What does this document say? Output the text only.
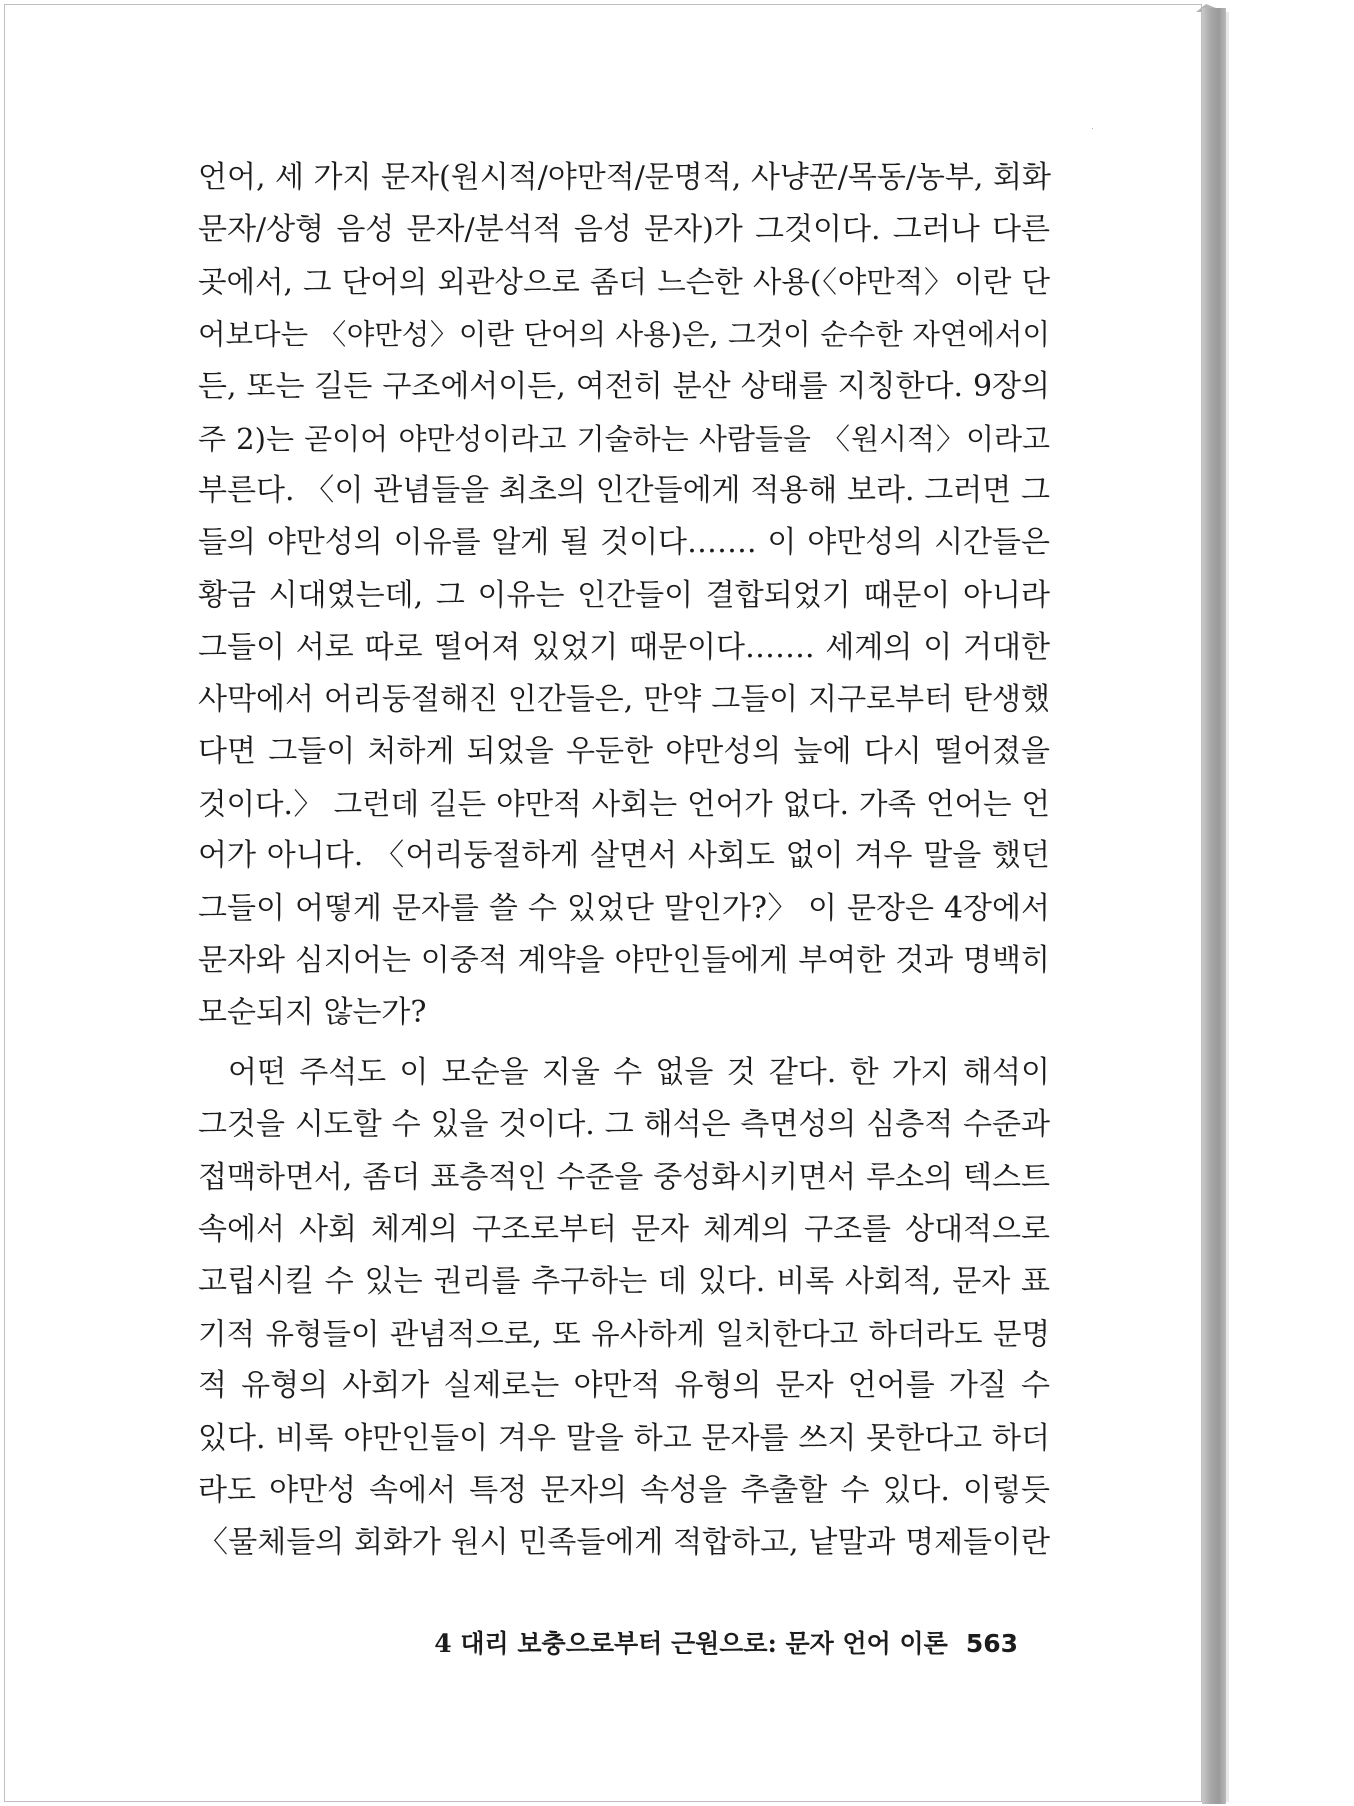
언어, 세 가지 문자(원시적/야만적/문명적, 사냥꾼/목동/농부, 회화
문자/상형 음성 문자/분석적 음성 문자)가 그것이다. 그러나 다른
곳에서, 그 단어의 외관상으로 좀더 느슨한 사용(〈야만적〉이란 단
어보다는 〈야만성〉이란 단어의 사용)은, 그것이 순수한 자연에서이
든, 또는 길든 구조에서이든, 여전히 분산 상태를 지칭한다. 9장의
주 2)는 곧이어 야만성이라고 기술하는 사람들을 〈원시적〉이라고
부른다. 〈이 관념들을 최초의 인간들에게 적용해 보라. 그러면 그
들의 야만성의 이유를 알게 될 것이다……. 이 야만성의 시간들은
황금 시대였는데, 그 이유는 인간들이 결합되었기 때문이 아니라
그들이 서로 따로 떨어져 있었기 때문이다……. 세계의 이 거대한
사막에서 어리둥절해진 인간들은, 만약 그들이 지구로부터 탄생했
다면 그들이 처하게 되었을 우둔한 야만성의 늪에 다시 떨어졌을
것이다.〉 그런데 길든 야만적 사회는 언어가 없다. 가족 언어는 언
어가 아니다. 〈어리둥절하게 살면서 사회도 없이 겨우 말을 했던
그들이 어떻게 문자를 쓸 수 있었단 말인가?〉 이 문장은 4장에서
문자와 심지어는 이중적 계약을 야만인들에게 부여한 것과 명백히
모순되지 않는가?
어떤 주석도 이 모순을 지울 수 없을 것 같다. 한 가지 해석이
그것을 시도할 수 있을 것이다. 그 해석은 측면성의 심층적 수준과
접맥하면서, 좀더 표층적인 수준을 중성화시키면서 루소의 텍스트
속에서 사회 체계의 구조로부터 문자 체계의 구조를 상대적으로
고립시킬 수 있는 권리를 추구하는 데 있다. 비록 사회적, 문자 표
기적 유형들이 관념적으로, 또 유사하게 일치한다고 하더라도 문명
적 유형의 사회가 실제로는 야만적 유형의 문자 언어를 가질 수
있다. 비록 야만인들이 겨우 말을 하고 문자를 쓰지 못한다고 하더
라도 야만성 속에서 특정 문자의 속성을 추출할 수 있다. 이렇듯
〈물체들의 회화가 원시 민족들에게 적합하고, 낱말과 명제들이란
4 대리 보충으로부터 근원으로: 문자 언어 이론 563
